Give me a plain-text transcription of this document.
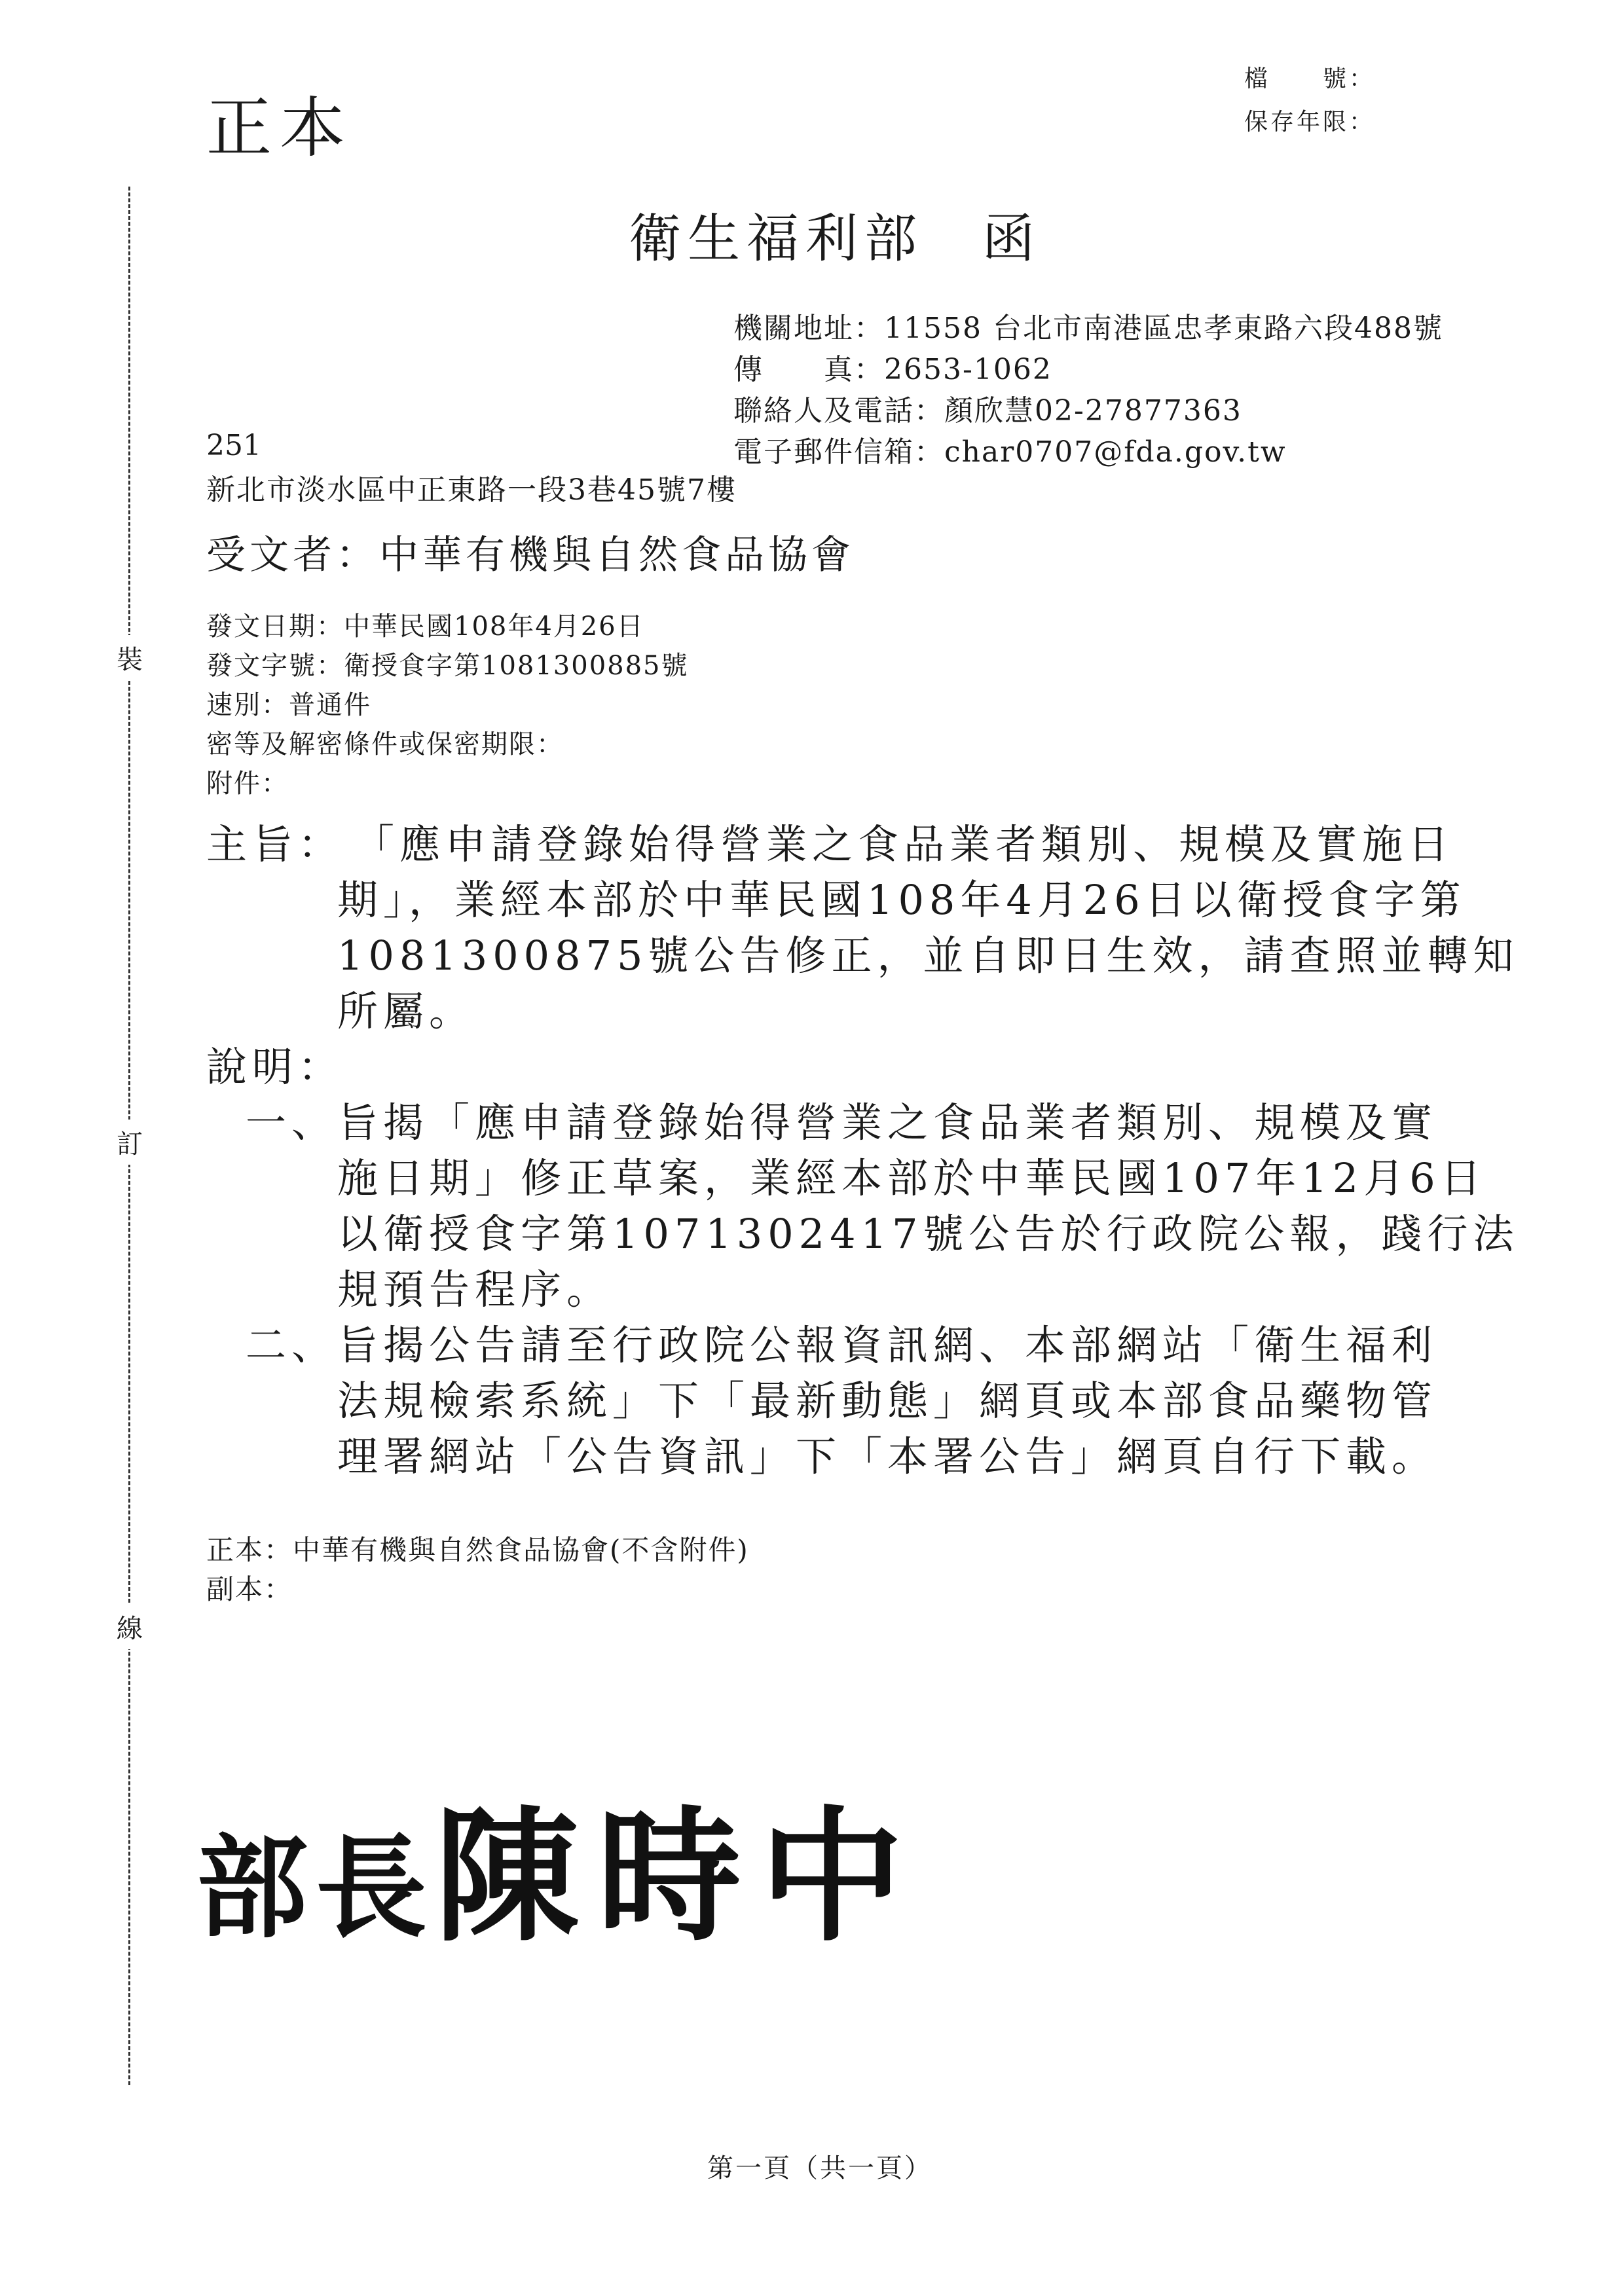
正本
檔　　號：
保存年限：
裝
訂
線
衛生福利部　函
機關地址：11558 台北市南港區忠孝東路六段488號
傳　　真：2653-1062
聯絡人及電話：顏欣慧02-27877363
電子郵件信箱：char0707@fda.gov.tw
251
新北市淡水區中正東路一段3巷45號7樓
受文者：中華有機與自然食品協會
發文日期：中華民國108年4月26日
發文字號：衛授食字第1081300885號
速別：普通件
密等及解密條件或保密期限：
附件：
主旨： 「應申請登錄始得營業之食品業者類別、規模及實施日
期」，業經本部於中華民國108年4月26日以衛授食字第
1081300875號公告修正，並自即日生效，請查照並轉知
所屬。
說明：
一、 旨揭「應申請登錄始得營業之食品業者類別、規模及實
施日期」修正草案，業經本部於中華民國107年12月6日
以衛授食字第1071302417號公告於行政院公報，踐行法
規預告程序。
二、 旨揭公告請至行政院公報資訊網、本部網站「衛生福利
法規檢索系統」下「最新動態」網頁或本部食品藥物管
理署網站「公告資訊」下「本署公告」網頁自行下載。
正本：中華有機與自然食品協會(不含附件)
副本：
部長陳時中
第一頁（共一頁）
